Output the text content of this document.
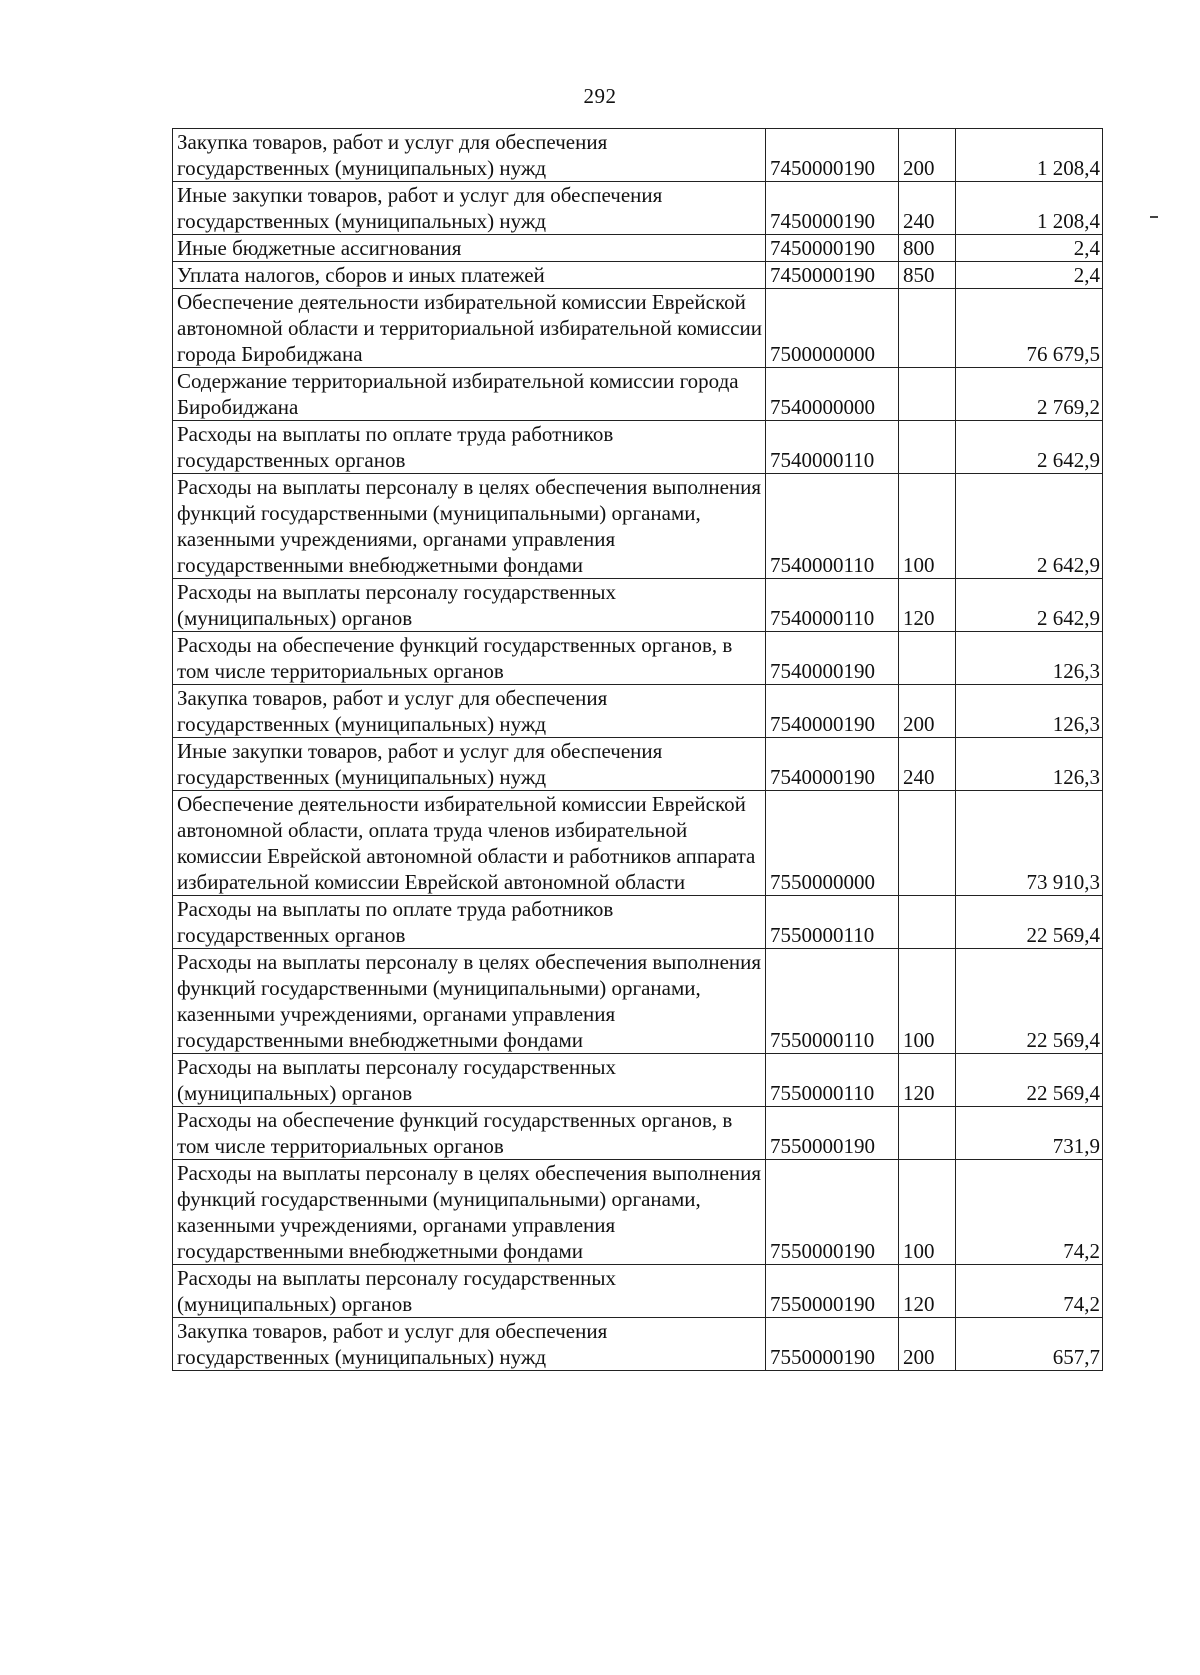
292
Закупка товаров, работ и услуг для обеспечения государственных (муниципальных) нужд	7450000190	200	1 208,4
Иные закупки товаров, работ и услуг для обеспечения государственных (муниципальных) нужд	7450000190	240	1 208,4
Иные бюджетные ассигнования	7450000190	800	2,4
Уплата налогов, сборов и иных платежей	7450000190	850	2,4
Обеспечение деятельности избирательной комиссии Еврейской автономной области и территориальной избирательной комиссии города Биробиджана	7500000000		76 679,5
Содержание территориальной избирательной комиссии города Биробиджана	7540000000		2 769,2
Расходы на выплаты по оплате труда работников государственных органов	7540000110		2 642,9
Расходы на выплаты персоналу в целях обеспечения выполнения функций государственными (муниципальными) органами, казенными учреждениями, органами управления государственными внебюджетными фондами	7540000110	100	2 642,9
Расходы на выплаты персоналу государственных (муниципальных) органов	7540000110	120	2 642,9
Расходы на обеспечение функций государственных органов, в том числе территориальных органов	7540000190		126,3
Закупка товаров, работ и услуг для обеспечения государственных (муниципальных) нужд	7540000190	200	126,3
Иные закупки товаров, работ и услуг для обеспечения государственных (муниципальных) нужд	7540000190	240	126,3
Обеспечение деятельности избирательной комиссии Еврейской автономной области, оплата труда членов избирательной комиссии Еврейской автономной области и работников аппарата избирательной комиссии Еврейской автономной области	7550000000		73 910,3
Расходы на выплаты по оплате труда работников государственных органов	7550000110		22 569,4
Расходы на выплаты персоналу в целях обеспечения выполнения функций государственными (муниципальными) органами, казенными учреждениями, органами управления государственными внебюджетными фондами	7550000110	100	22 569,4
Расходы на выплаты персоналу государственных (муниципальных) органов	7550000110	120	22 569,4
Расходы на обеспечение функций государственных органов, в том числе территориальных органов	7550000190		731,9
Расходы на выплаты персоналу в целях обеспечения выполнения функций государственными (муниципальными) органами, казенными учреждениями, органами управления государственными внебюджетными фондами	7550000190	100	74,2
Расходы на выплаты персоналу государственных (муниципальных) органов	7550000190	120	74,2
Закупка товаров, работ и услуг для обеспечения государственных (муниципальных) нужд	7550000190	200	657,7
